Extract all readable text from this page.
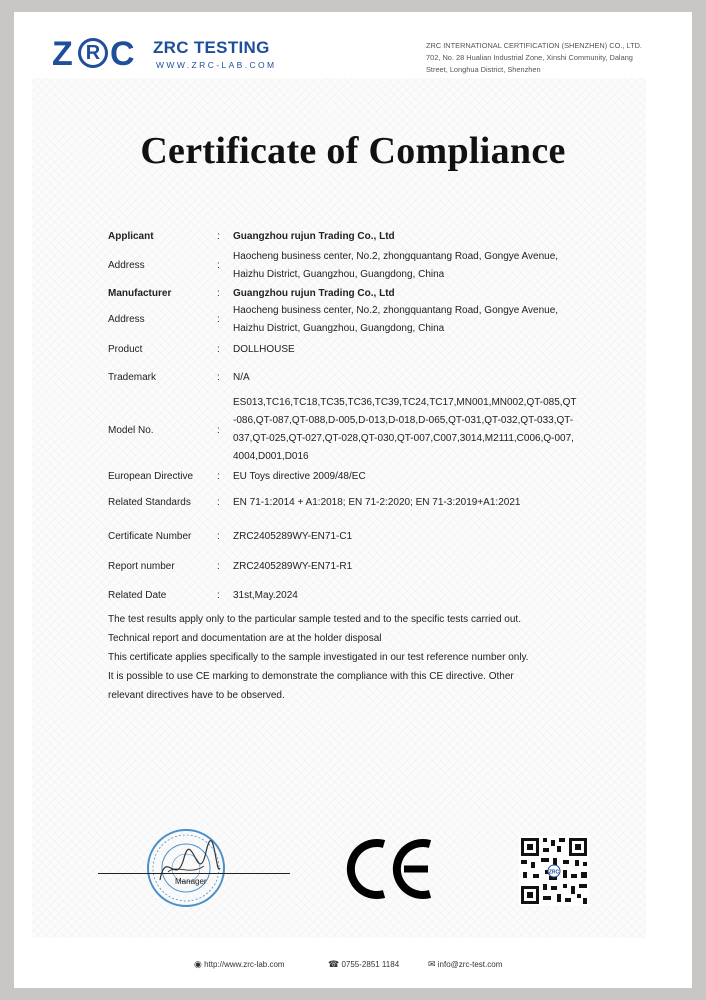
Z R C ZRC TESTING
WWW.ZRC-LAB.COM
ZRC INTERNATIONAL CERTIFICATION (SHENZHEN) CO., LTD.
702, No. 28 Hualian Industrial Zone, Xinshi Community, Dalang
Street, Longhua District, Shenzhen
Certificate of Compliance
Applicant	: Guangzhou rujun Trading Co., Ltd
Address	:
Haocheng business center, No.2, zhongquantang Road, Gongye Avenue,
Haizhu District, Guangzhou, Guangdong, China
Manufacturer	: Guangzhou rujun Trading Co., Ltd
Address	:
Haocheng business center, No.2, zhongquantang Road, Gongye Avenue,
Haizhu District, Guangzhou, Guangdong, China
Product	: DOLLHOUSE
Trademark	: N/A
Model No.	:
ES013,TC16,TC18,TC35,TC36,TC39,TC24,TC17,MN001,MN002,QT-085,QT
-086,QT-087,QT-088,D-005,D-013,D-018,D-065,QT-031,QT-032,QT-033,QT-
037,QT-025,QT-027,QT-028,QT-030,QT-007,C007,3014,M2111,C006,Q-007,
4004,D001,D016
European Directive : EU Toys directive 2009/48/EC
Related Standards	: EN 71-1:2014 + A1:2018; EN 71-2:2020; EN 71-3:2019+A1:2021
Certificate Number	: ZRC2405289WY-EN71-C1
Report number	: ZRC2405289WY-EN71-R1
Related Date	: 31st,May.2024
The test results apply only to the particular sample tested and to the specific tests carried out.
Technical report and documentation are at the holder disposal
This certificate applies specifically to the sample investigated in our test reference number only.
It is possible to use CE marking to demonstrate the compliance with this CE directive. Other
relevant directives have to be observed.
Manager
ZRC
◉ http://www.zrc-lab.com	☎ 0755-2851 1184	✉ info@zrc-test.com
